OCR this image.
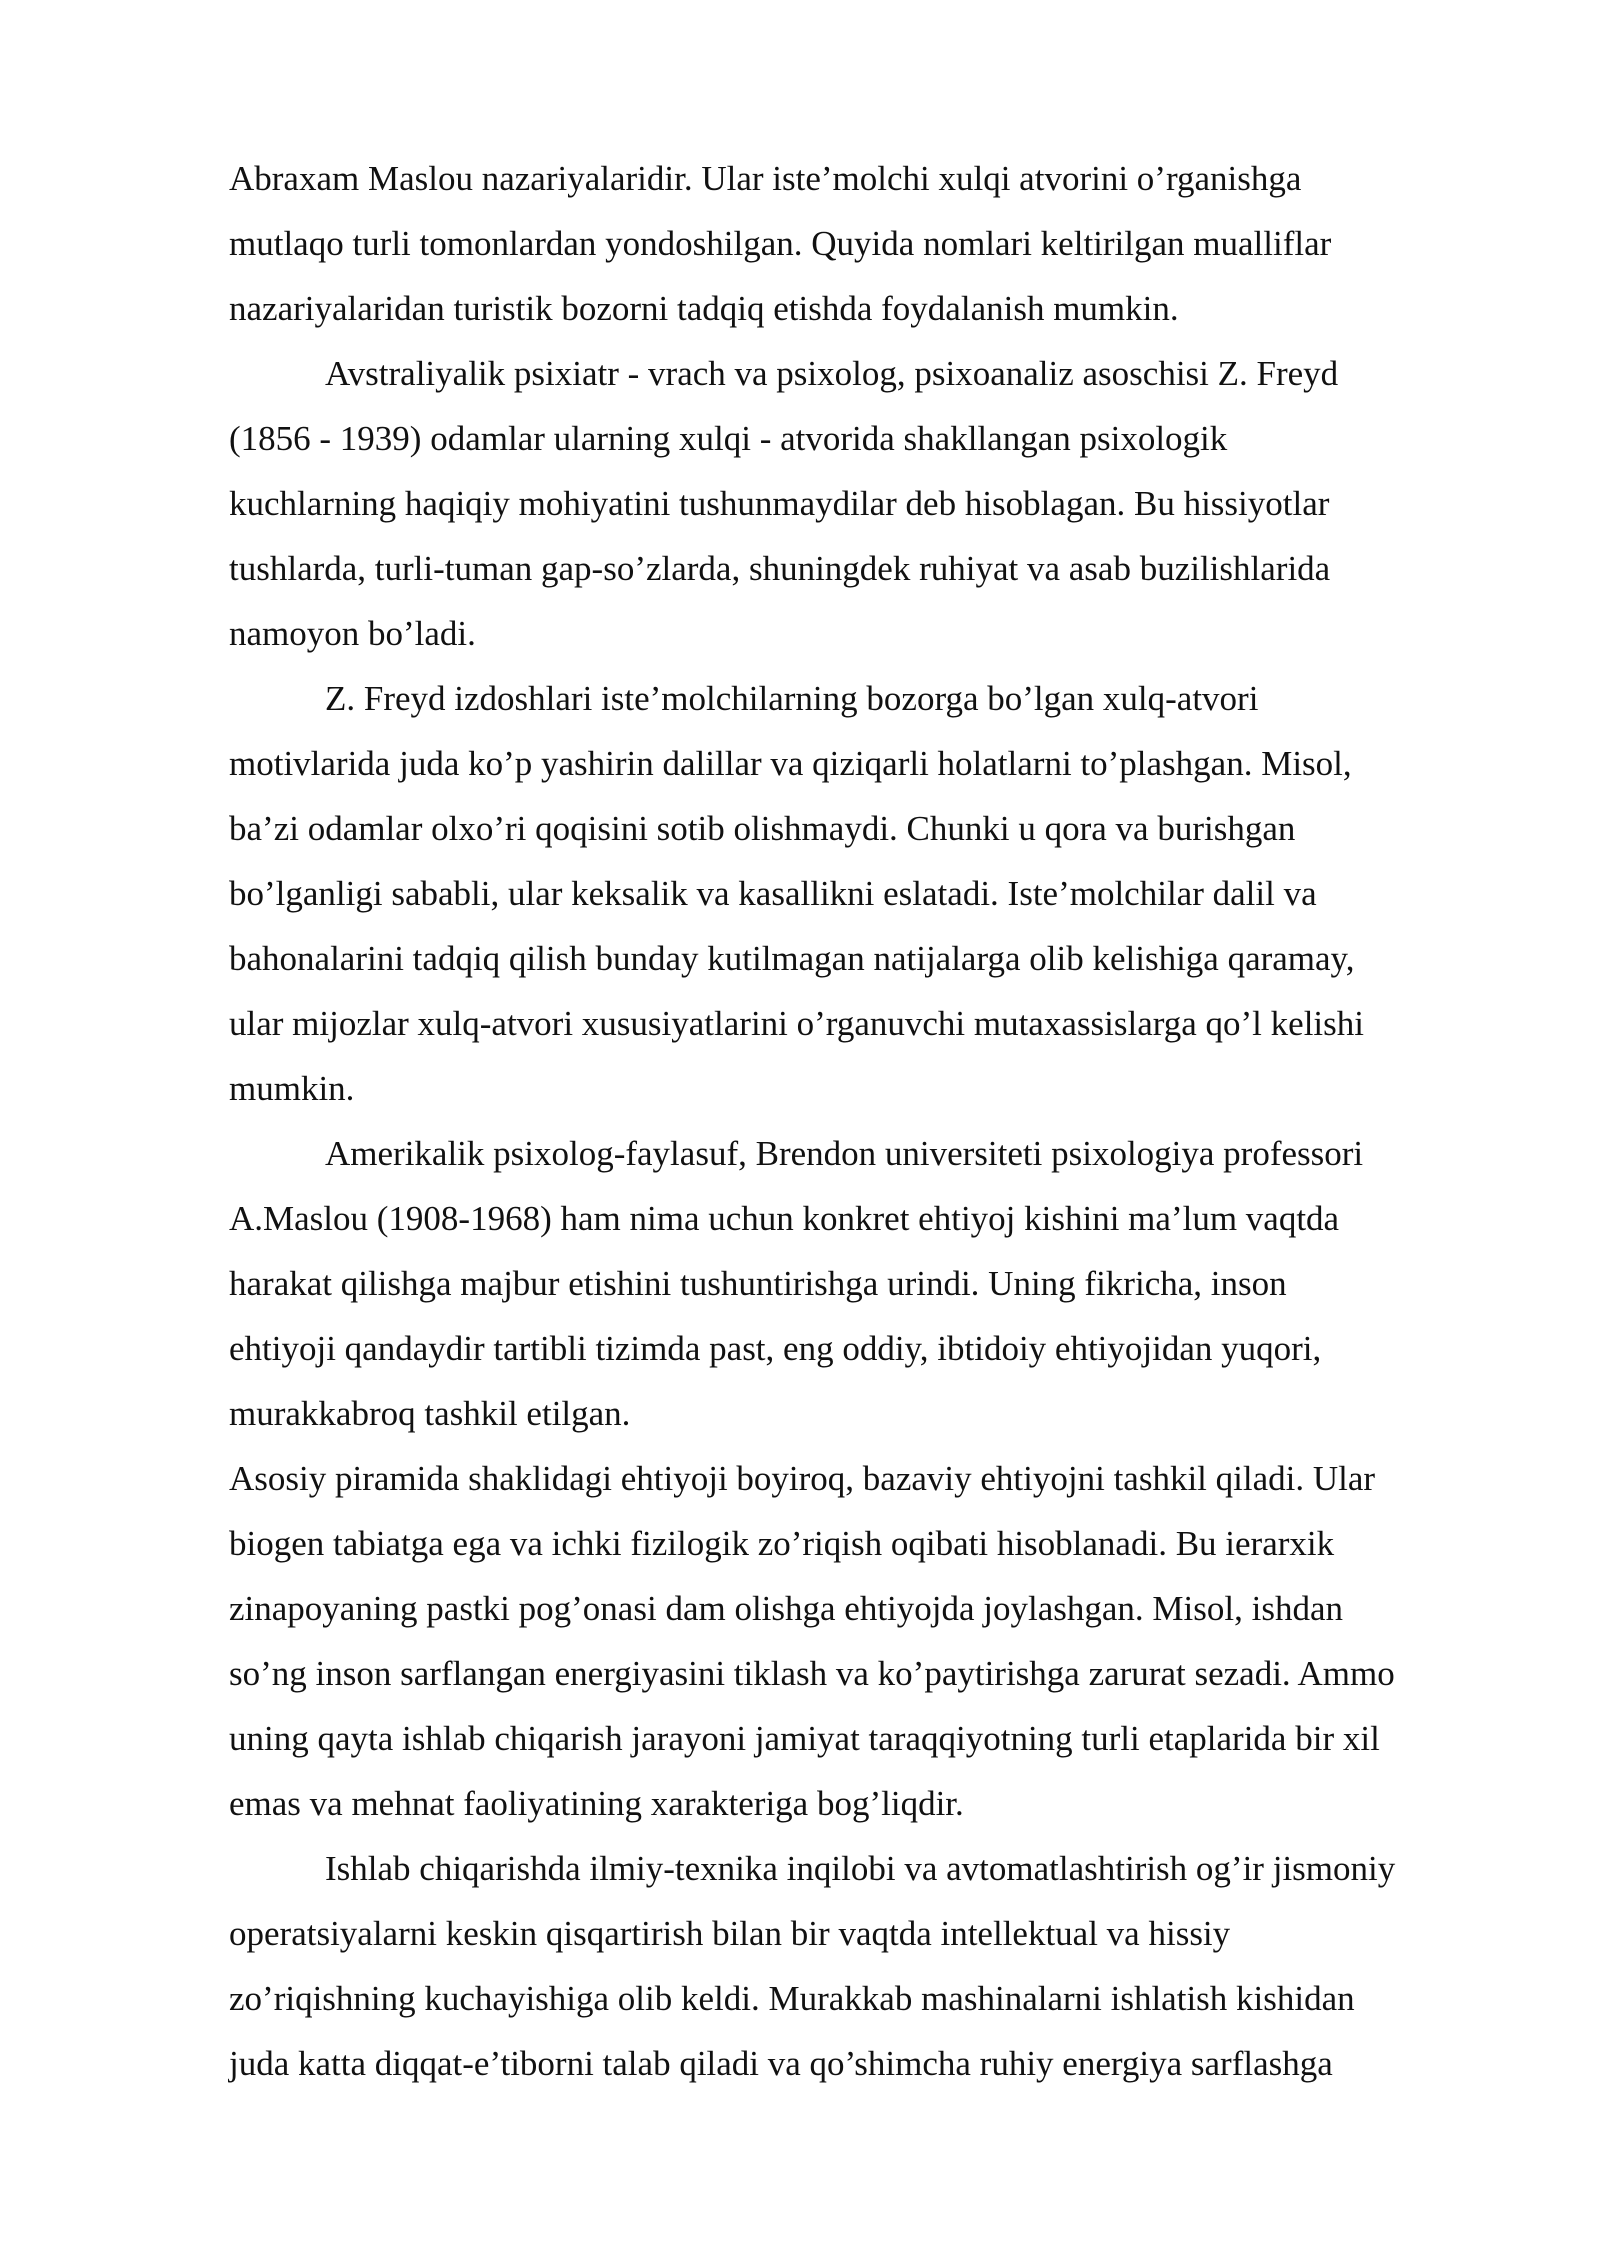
Abraxam Maslou nazariyalaridir. Ular iste’molchi xulqi atvorini o’rganishga
mutlaqo turli tomonlardan yondoshilgan. Quyida nomlari keltirilgan mualliflar
nazariyalaridan turistik bozorni tadqiq etishda foydalanish mumkin.

Avstraliyalik psixiatr - vrach va psixolog, psixoanaliz asoschisi Z. Freyd
(1856 - 1939) odamlar ularning xulqi - atvorida shakllangan psixologik
kuchlarning haqiqiy mohiyatini tushunmaydilar deb hisoblagan. Bu hissiyotlar
tushlarda, turli-tuman gap-so’zlarda, shuningdek ruhiyat va asab buzilishlarida
namoyon bo’ladi.

Z. Freyd izdoshlari iste’molchilarning bozorga bo’lgan xulq-atvori
motivlarida juda ko’p yashirin dalillar va qiziqarli holatlarni to’plashgan. Misol,
ba’zi odamlar olxo’ri qoqisini sotib olishmaydi. Chunki u qora va burishgan
bo’lganligi sababli, ular keksalik va kasallikni eslatadi. Iste’molchilar dalil va
bahonalarini tadqiq qilish bunday kutilmagan natijalarga olib kelishiga qaramay,
ular mijozlar xulq-atvori xususiyatlarini o’rganuvchi mutaxassislarga qo’l kelishi
mumkin.

Amerikalik psixolog-faylasuf, Brendon universiteti psixologiya professori
A.Maslou (1908-1968) ham nima uchun konkret ehtiyoj kishini ma’lum vaqtda
harakat qilishga majbur etishini tushuntirishga urindi. Uning fikricha, inson
ehtiyoji qandaydir tartibli tizimda past, eng oddiy, ibtidoiy ehtiyojidan yuqori,
murakkabroq tashkil etilgan.

Asosiy piramida shaklidagi ehtiyoji boyiroq, bazaviy ehtiyojni tashkil qiladi. Ular
biogen tabiatga ega va ichki fizilogik zo’riqish oqibati hisoblanadi. Bu ierarxik
zinapoyaning pastki pog’onasi dam olishga ehtiyojda joylashgan. Misol, ishdan
so’ng inson sarflangan energiyasini tiklash va ko’paytirishga zarurat sezadi. Ammo
uning qayta ishlab chiqarish jarayoni jamiyat taraqqiyotning turli etaplarida bir xil
emas va mehnat faoliyatining xarakteriga bog’liqdir.

Ishlab chiqarishda ilmiy-texnika inqilobi va avtomatlashtirish og’ir jismoniy
operatsiyalarni keskin qisqartirish bilan bir vaqtda intellektual va hissiy
zo’riqishning kuchayishiga olib keldi. Murakkab mashinalarni ishlatish kishidan
juda katta diqqat-e’tiborni talab qiladi va qo’shimcha ruhiy energiya sarflashga
